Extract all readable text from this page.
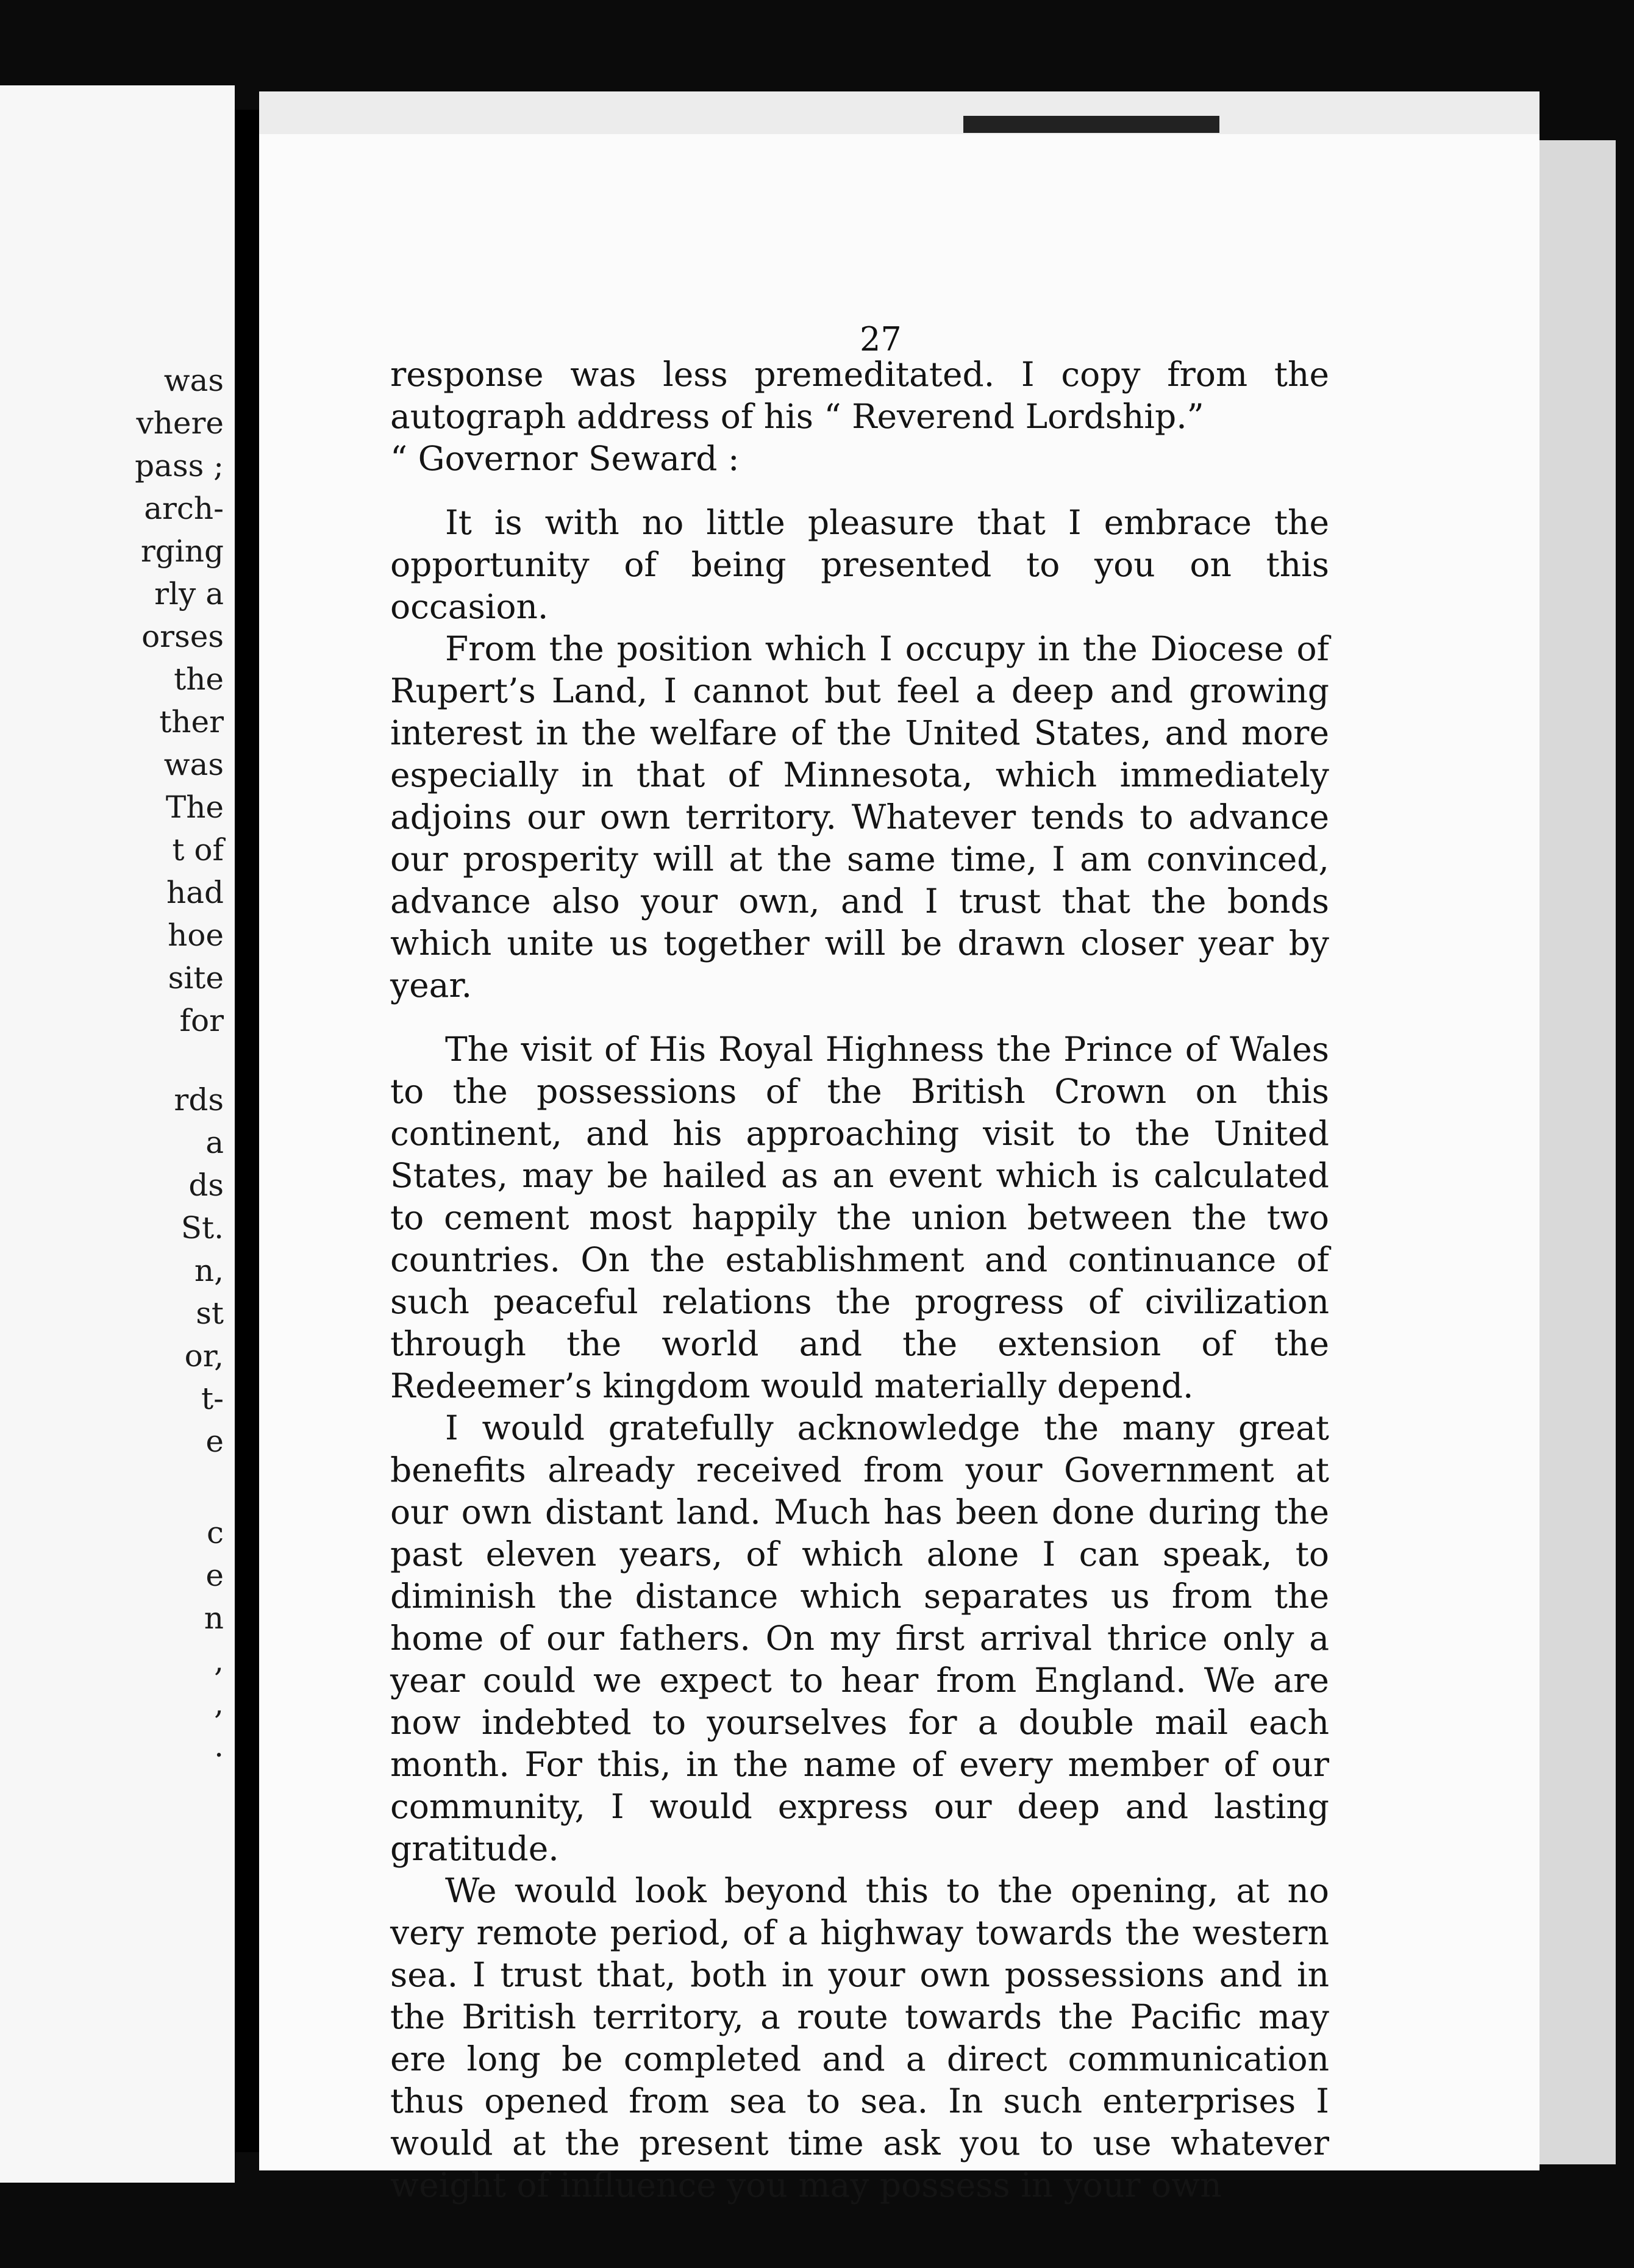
was
vhere
pass ;
arch-
rging
rly a
orses
the
ther
was
The
t of
had
hoe
site
for
rds
a
ds
St.
n,
st
or,
t-
e
c
e
n
,
,
.
27

response was less premeditated. I copy from the autograph address of his “ Reverend Lordship.”

“ Governor Seward :

It is with no little pleasure that I embrace the opportunity of being presented to you on this occasion.

From the position which I occupy in the Diocese of Rupert’s Land, I cannot but feel a deep and growing interest in the welfare of the United States, and more especially in that of Minnesota, which immediately adjoins our own territory. Whatever tends to advance our prosperity will at the same time, I am convinced, advance also your own, and I trust that the bonds which unite us together will be drawn closer year by year.

The visit of His Royal Highness the Prince of Wales to the possessions of the British Crown on this continent, and his approaching visit to the United States, may be hailed as an event which is calculated to cement most happily the union between the two countries. On the establishment and continuance of such peaceful relations the progress of civilization through the world and the extension of the Redeemer’s kingdom would materially depend.

I would gratefully acknowledge the many great benefits already received from your Government at our own distant land. Much has been done during the past eleven years, of which alone I can speak, to diminish the distance which separates us from the home of our fathers. On my first arrival thrice only a year could we expect to hear from England. We are now indebted to yourselves for a double mail each month. For this, in the name of every member of our community, I would express our deep and lasting gratitude.

We would look beyond this to the opening, at no very remote period, of a highway towards the western sea. I trust that, both in your own possessions and in the British territory, a route towards the Pacific may ere long be completed and a direct communication thus opened from sea to sea. In such enterprises I would at the present time ask you to use whatever weight of influence you may possess in your own
